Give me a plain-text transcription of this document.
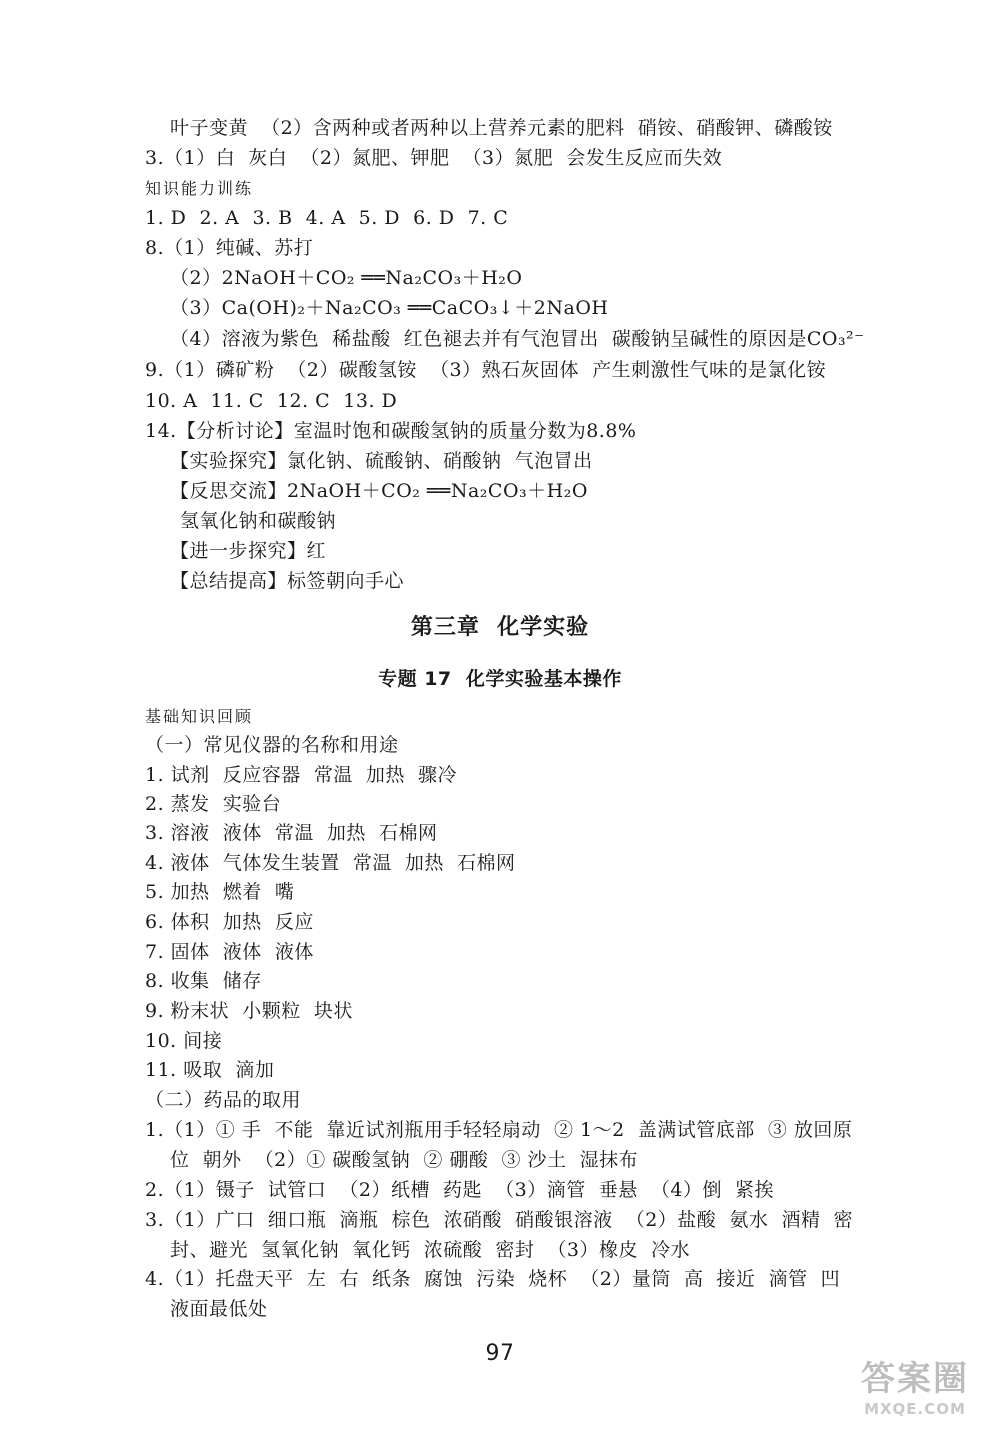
叶子变黄  （2）含两种或者两种以上营养元素的肥料  硝铵、硝酸钾、磷酸铵
3.（1）白  灰白  （2）氮肥、钾肥  （3）氮肥  会发生反应而失效
知识能力训练
1. D  2. A  3. B  4. A  5. D  6. D  7. C
8.（1）纯碱、苏打
（2）2NaOH＋CO₂ ══Na₂CO₃＋H₂O
（3）Ca(OH)₂＋Na₂CO₃ ══CaCO₃↓＋2NaOH
（4）溶液为紫色  稀盐酸  红色褪去并有气泡冒出  碳酸钠呈碱性的原因是CO₃²⁻
9.（1）磷矿粉  （2）碳酸氢铵  （3）熟石灰固体  产生刺激性气味的是氯化铵
10. A  11. C  12. C  13. D
14.【分析讨论】室温时饱和碳酸氢钠的质量分数为8.8%
【实验探究】氯化钠、硫酸钠、硝酸钠  气泡冒出
【反思交流】2NaOH＋CO₂ ══Na₂CO₃＋H₂O
氢氧化钠和碳酸钠
【进一步探究】红
【总结提高】标签朝向手心
第三章  化学实验
专题 17  化学实验基本操作
基础知识回顾
（一）常见仪器的名称和用途
1. 试剂  反应容器  常温  加热  骤冷
2. 蒸发  实验台
3. 溶液  液体  常温  加热  石棉网
4. 液体  气体发生装置  常温  加热  石棉网
5. 加热  燃着  嘴
6. 体积  加热  反应
7. 固体  液体  液体
8. 收集  储存
9. 粉末状  小颗粒  块状
10. 间接
11. 吸取  滴加
（二）药品的取用
1.（1）① 手  不能  靠近试剂瓶用手轻轻扇动  ② 1～2  盖满试管底部  ③ 放回原
位  朝外  （2）① 碳酸氢钠  ② 硼酸  ③ 沙土  湿抹布
2.（1）镊子  试管口  （2）纸槽  药匙  （3）滴管  垂悬  （4）倒  紧挨
3.（1）广口  细口瓶  滴瓶  棕色  浓硝酸  硝酸银溶液  （2）盐酸  氨水  酒精  密
封、避光  氢氧化钠  氧化钙  浓硫酸  密封  （3）橡皮  冷水
4.（1）托盘天平  左  右  纸条  腐蚀  污染  烧杯  （2）量筒  高  接近  滴管  凹
液面最低处
97
答案圈
MXQE.COM
